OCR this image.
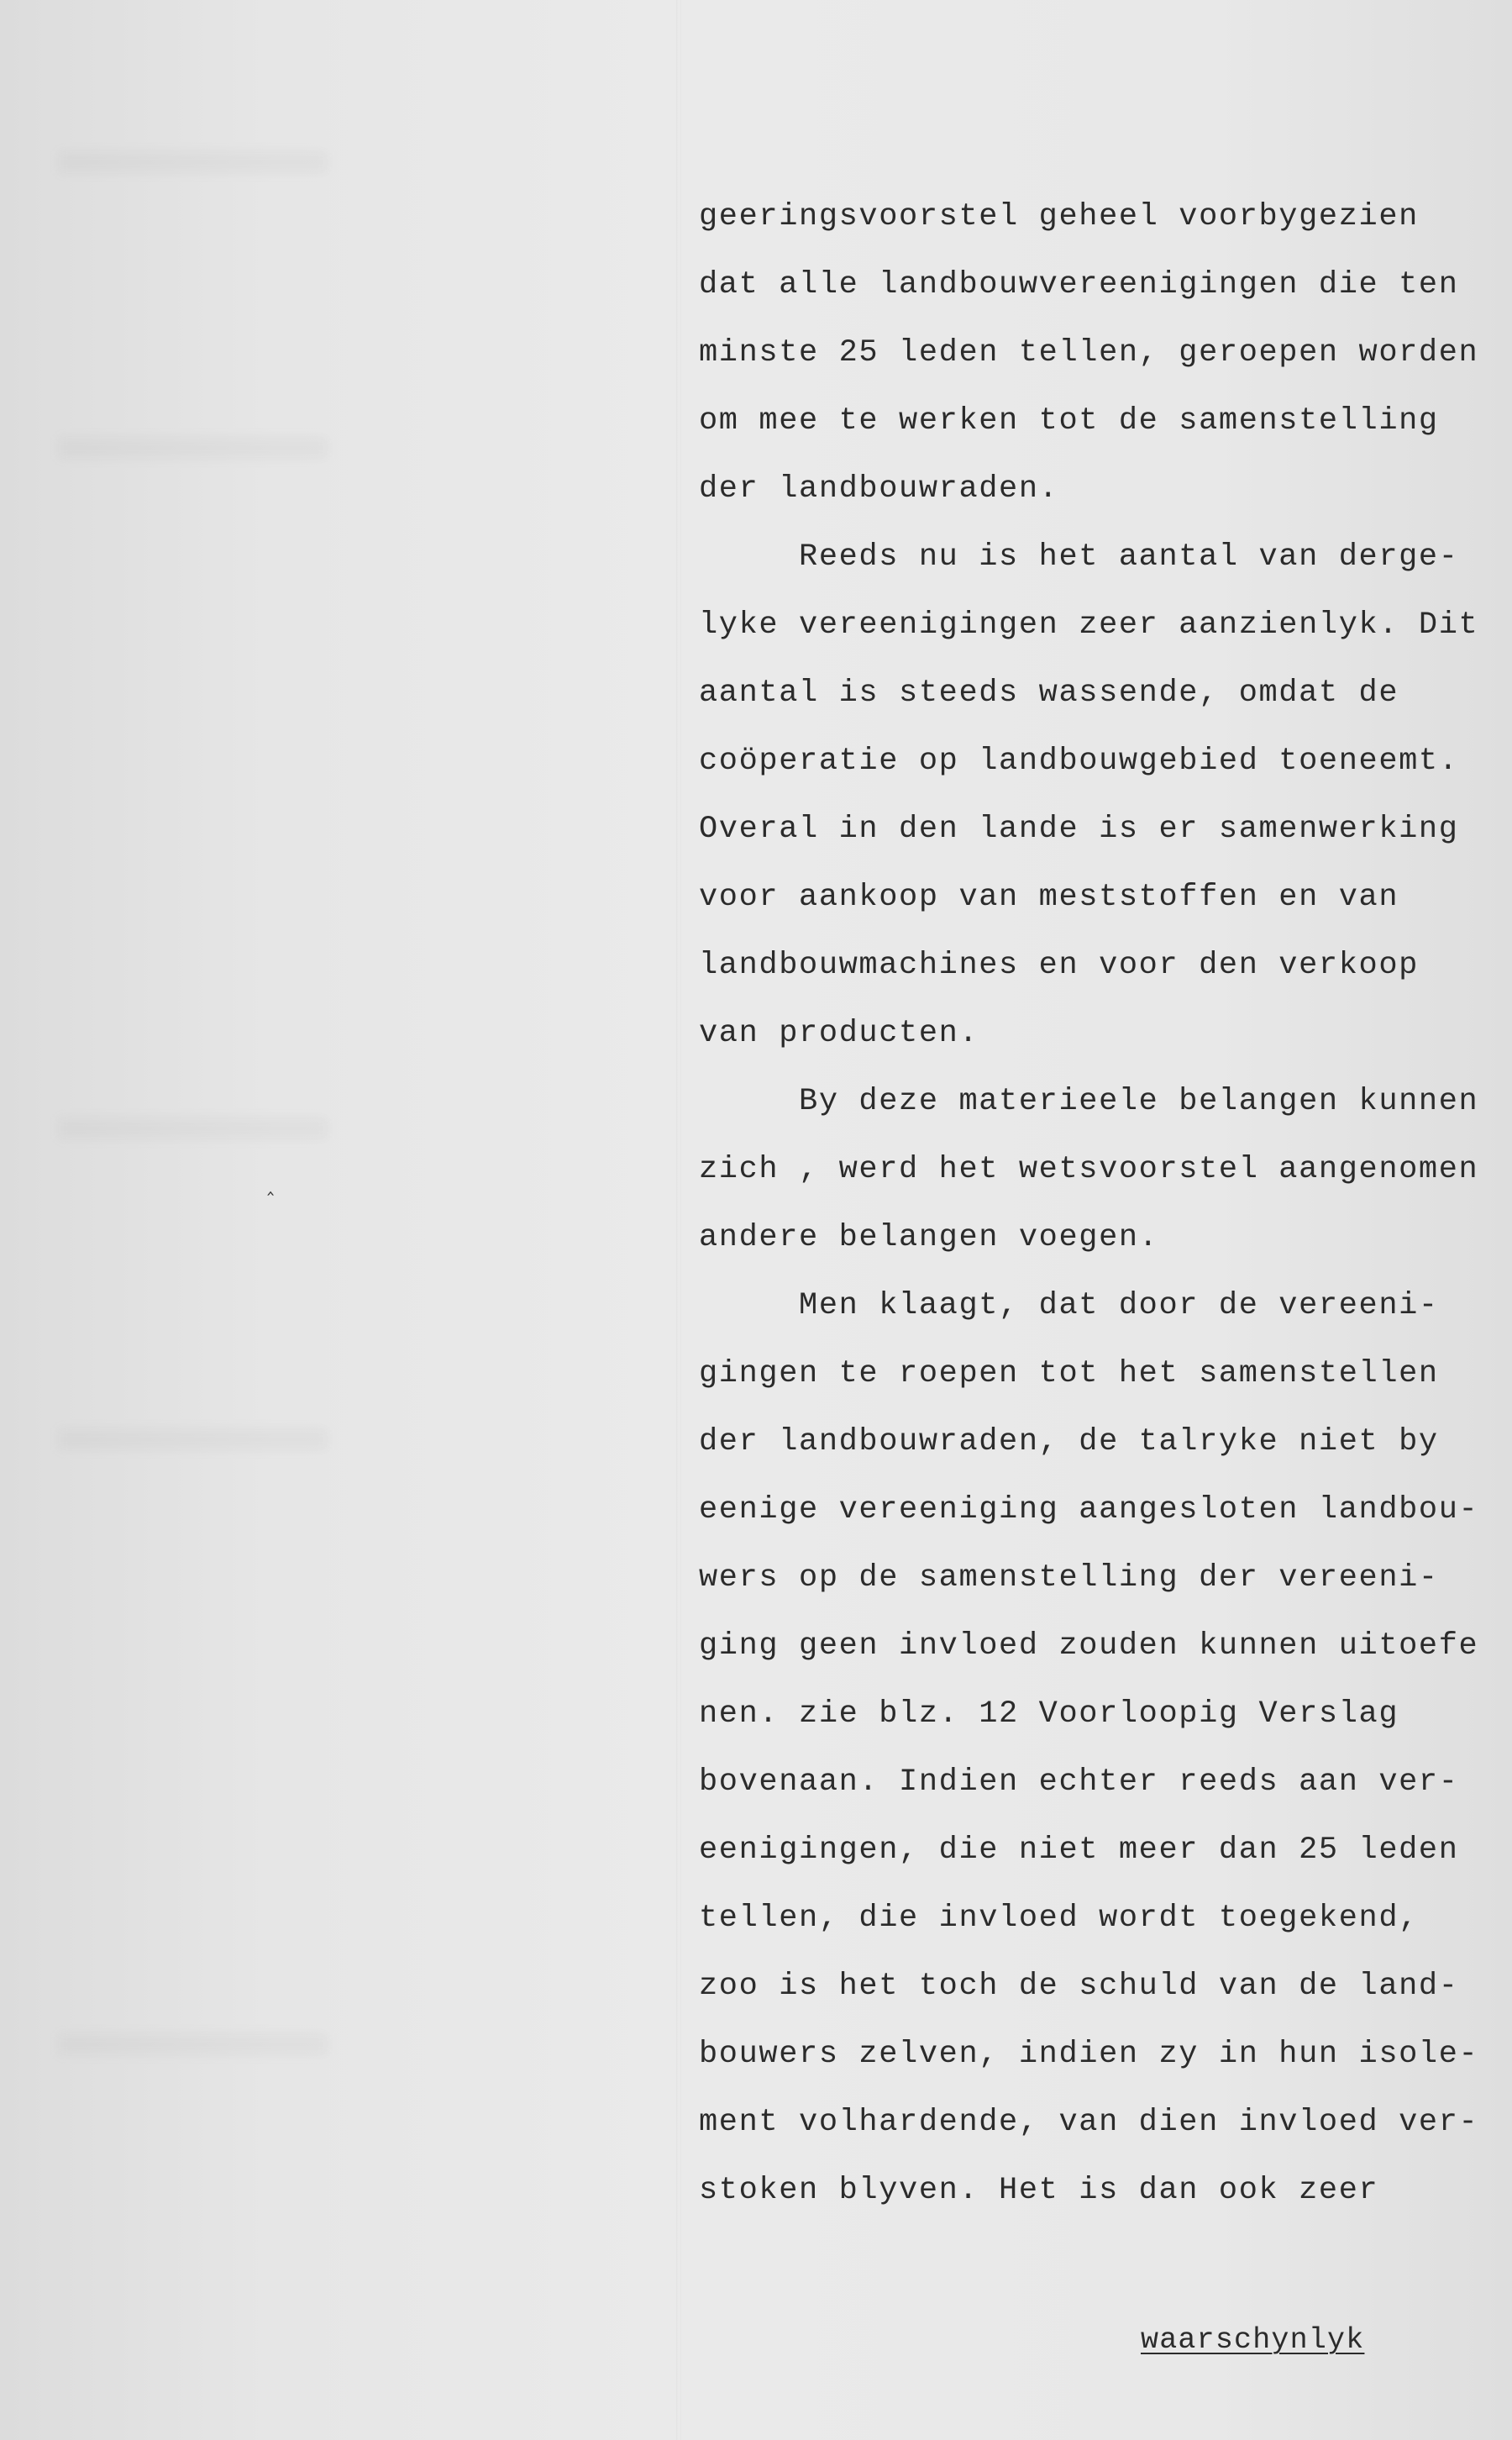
‸
geeringsvoorstel geheel voorbygezien
dat alle landbouwvereenigingen die ten
minste 25 leden tellen, geroepen worden
om mee te werken tot de samenstelling
der landbouwraden.
Reeds nu is het aantal van derge-
lyke vereenigingen zeer aanzienlyk. Dit
aantal is steeds wassende, omdat de
coöperatie op landbouwgebied toeneemt.
Overal in den lande is er samenwerking
voor aankoop van meststoffen en van
landbouwmachines en voor den verkoop
van producten.
By deze materieele belangen kunnen
zich , werd het wetsvoorstel aangenomen
andere belangen voegen.
Men klaagt, dat door de vereeni-
gingen te roepen tot het samenstellen
der landbouwraden, de talryke niet by
eenige vereeniging aangesloten landbou-
wers op de samenstelling der vereeni-
ging geen invloed zouden kunnen uitoefe
nen. zie blz. 12 Voorloopig Verslag
bovenaan. Indien echter reeds aan ver-
eenigingen, die niet meer dan 25 leden
tellen, die invloed wordt toegekend,
zoo is het toch de schuld van de land-
bouwers zelven, indien zy in hun isole-
ment volhardende, van dien invloed ver-
stoken blyven. Het is dan ook zeer
waarschynlyk
